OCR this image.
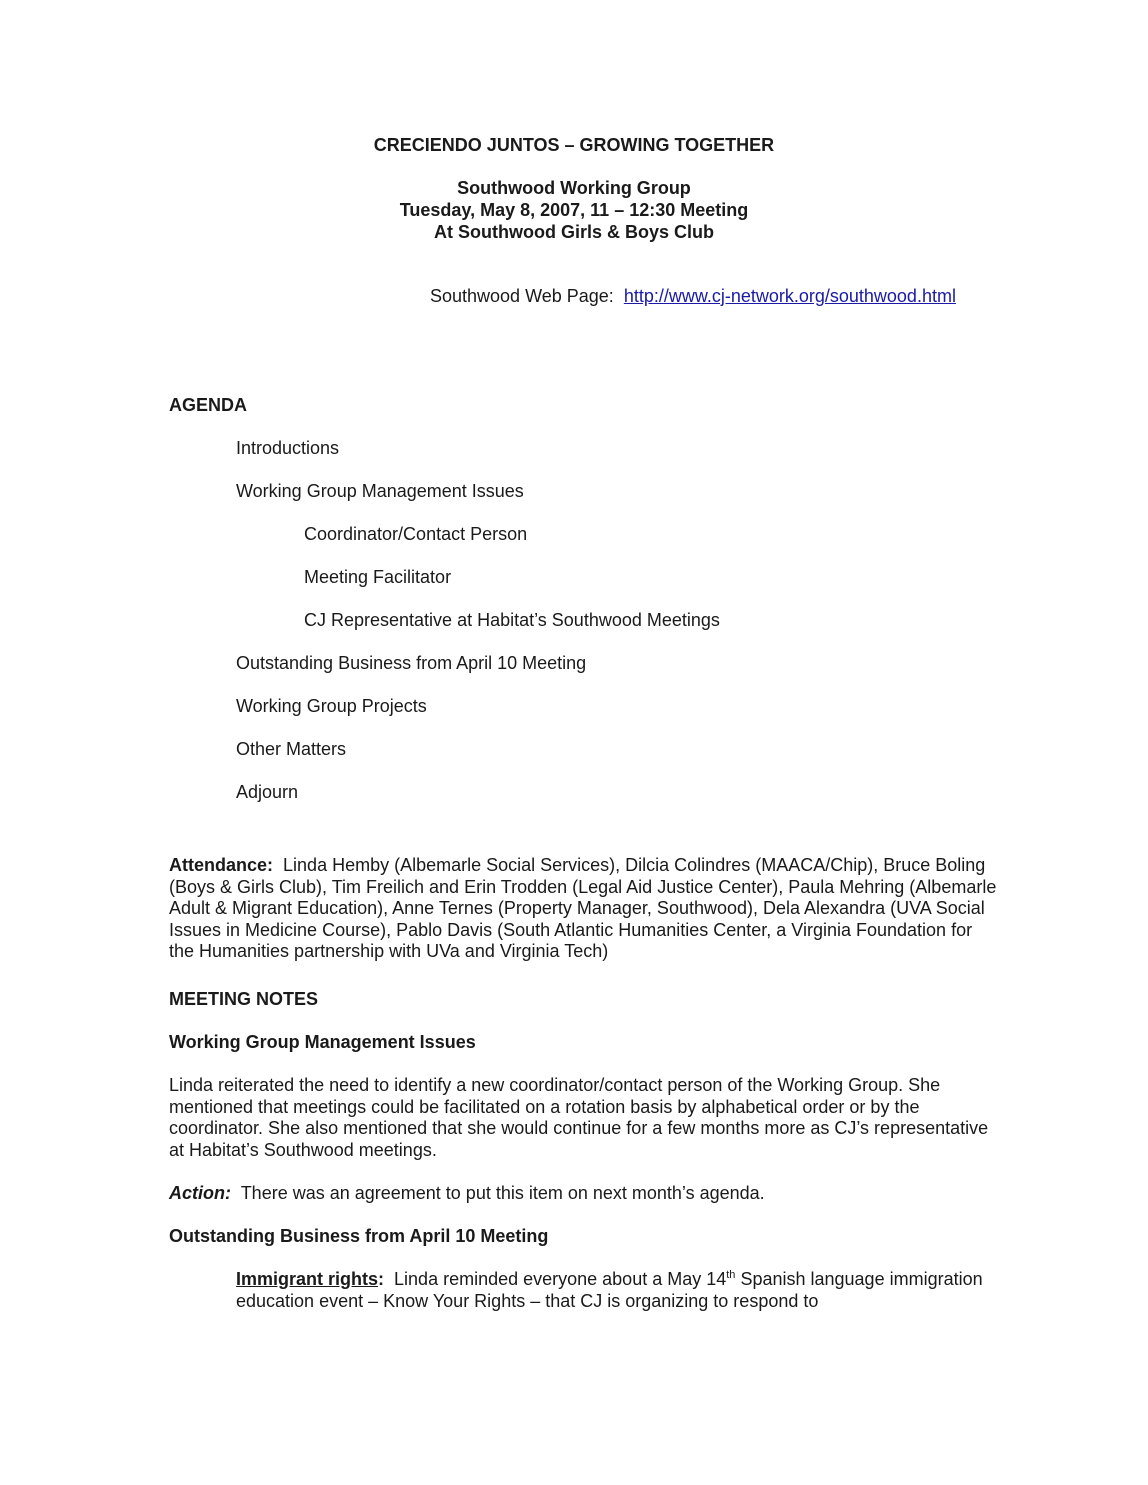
CRECIENDO JUNTOS – GROWING TOGETHER
Southwood Working Group
Tuesday, May 8, 2007, 11 – 12:30 Meeting
At Southwood Girls & Boys Club
Southwood Web Page: http://www.cj-network.org/southwood.html
AGENDA
Introductions
Working Group Management Issues
Coordinator/Contact Person
Meeting Facilitator
CJ Representative at Habitat’s Southwood Meetings
Outstanding Business from April 10 Meeting
Working Group Projects
Other Matters
Adjourn
Attendance: Linda Hemby (Albemarle Social Services), Dilcia Colindres (MAACA/Chip), Bruce Boling (Boys & Girls Club), Tim Freilich and Erin Trodden (Legal Aid Justice Center), Paula Mehring (Albemarle Adult & Migrant Education), Anne Ternes (Property Manager, Southwood), Dela Alexandra (UVA Social Issues in Medicine Course), Pablo Davis (South Atlantic Humanities Center, a Virginia Foundation for the Humanities partnership with UVa and Virginia Tech)
MEETING NOTES
Working Group Management Issues
Linda reiterated the need to identify a new coordinator/contact person of the Working Group. She mentioned that meetings could be facilitated on a rotation basis by alphabetical order or by the coordinator. She also mentioned that she would continue for a few months more as CJ’s representative at Habitat’s Southwood meetings.
Action: There was an agreement to put this item on next month’s agenda.
Outstanding Business from April 10 Meeting
Immigrant rights: Linda reminded everyone about a May 14th Spanish language immigration education event – Know Your Rights – that CJ is organizing to respond to
